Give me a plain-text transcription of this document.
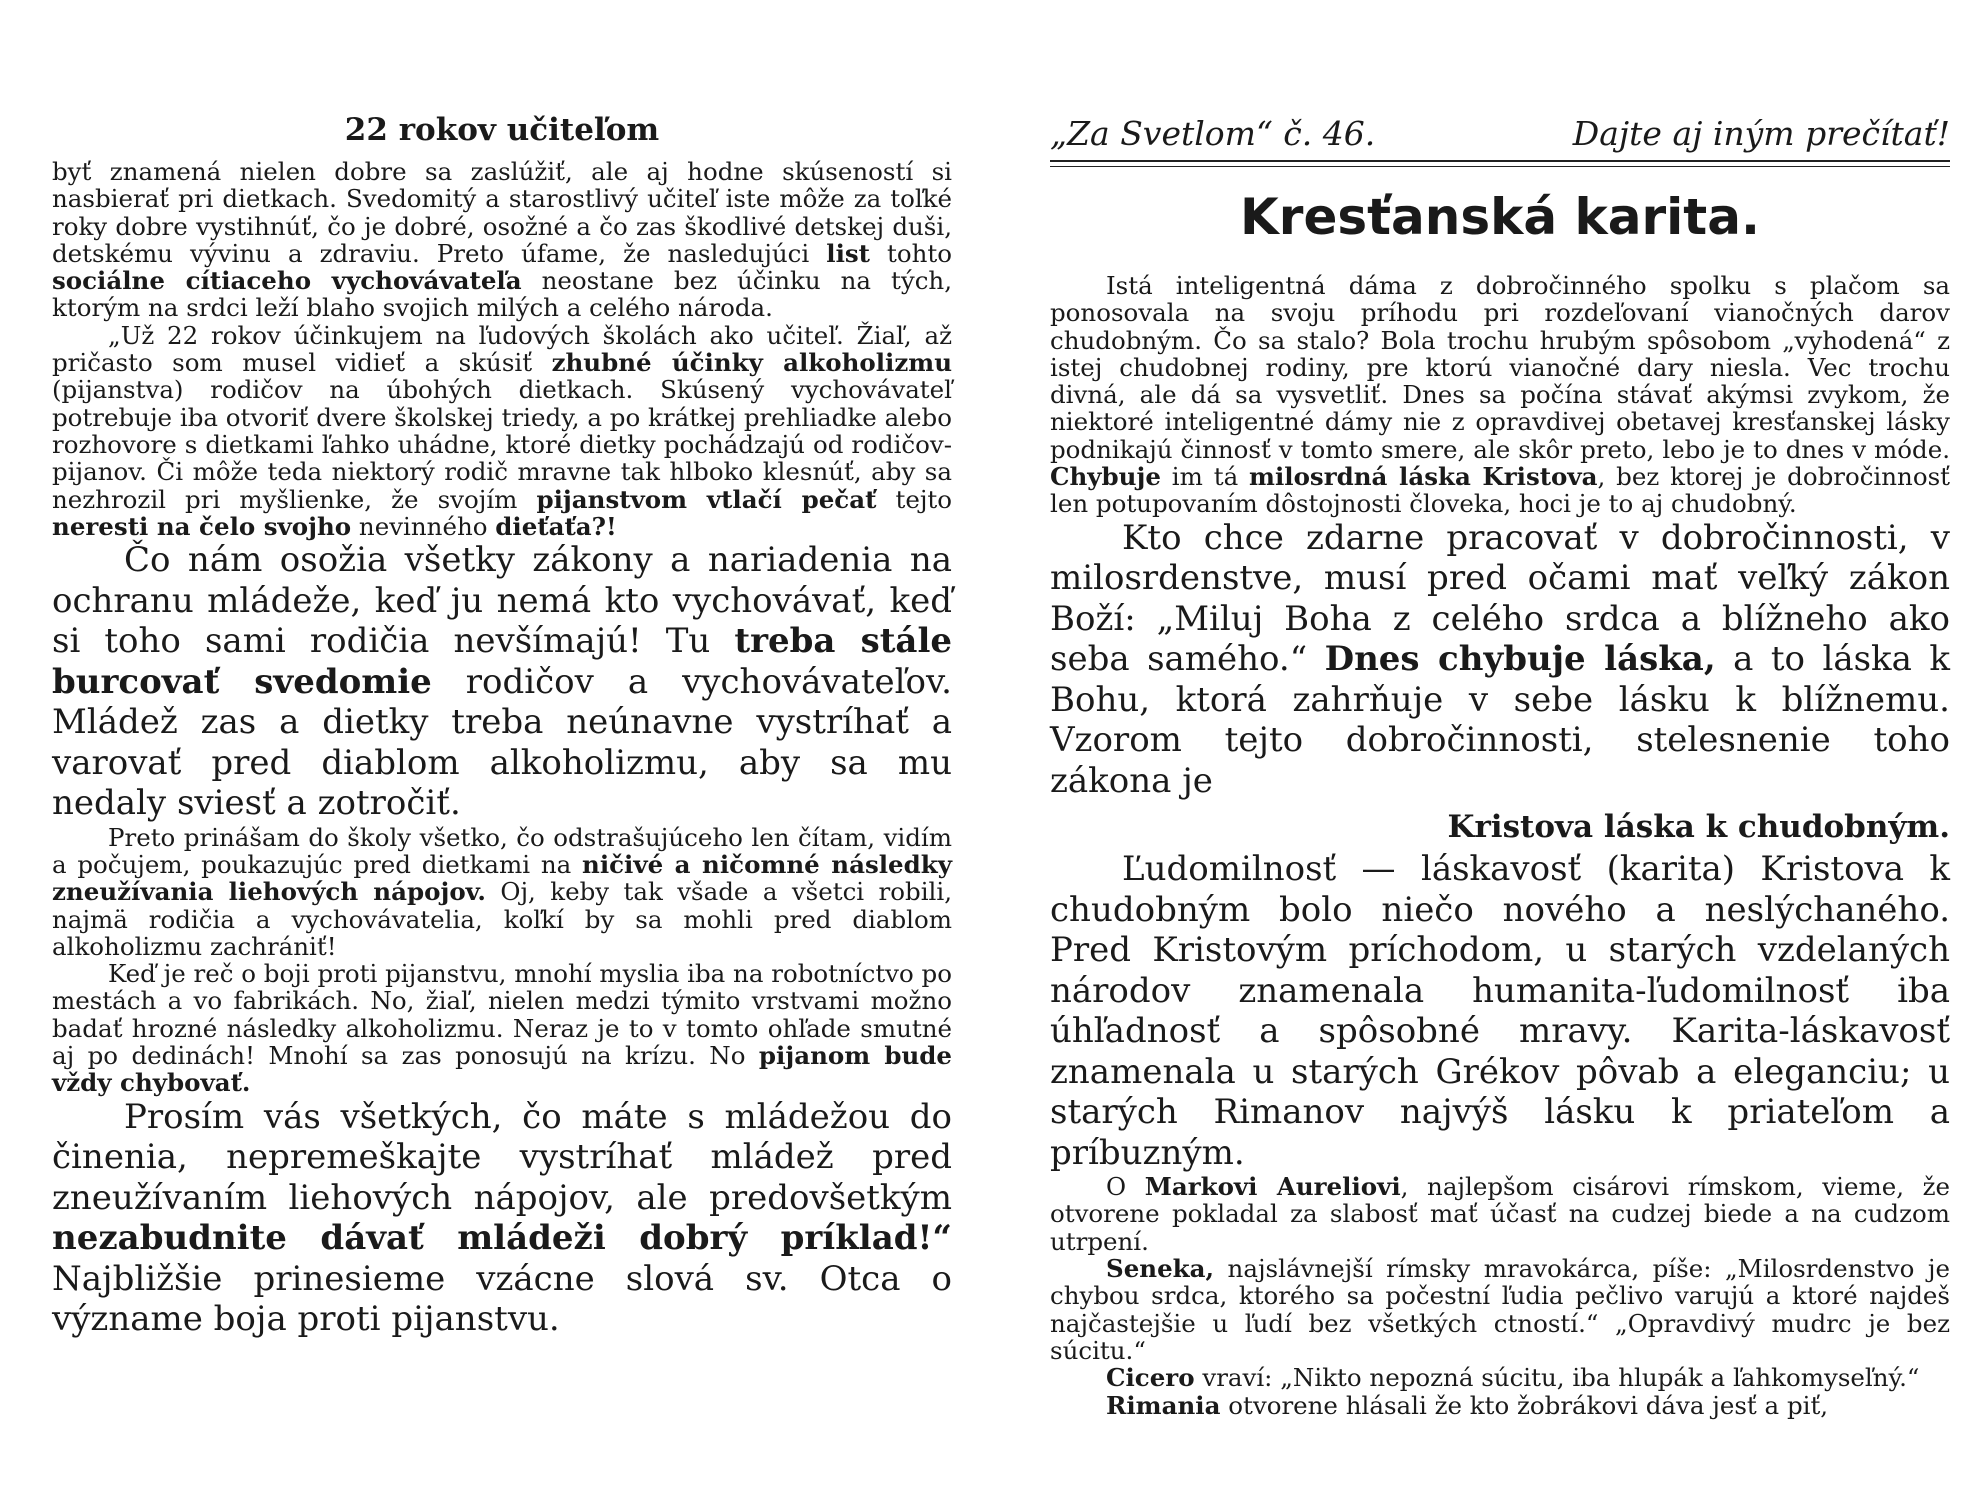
22 rokov učiteľom

byť znamená nielen dobre sa zaslúžiť, ale aj hodne skúseností si nasbierať pri dietkach. Svedomitý a starostlivý učiteľ iste môže za toľké roky dobre vystihnúť, čo je dobré, osožné a čo zas škodlivé detskej duši, detskému vývinu a zdraviu. Preto úfame, že nasledujúci list tohto sociálne cítiaceho vychovávateľa neostane bez účinku na tých, ktorým na srdci leží blaho svojich milých a celého národa.

„Už 22 rokov účinkujem na ľudových školách ako učiteľ. Žiaľ, až pričasto som musel vidieť a skúsiť zhubné účinky alkoholizmu (pijanstva) rodičov na úbohých dietkach. Skúsený vychovávateľ potrebuje iba otvoriť dvere školskej triedy, a po krátkej prehliadke alebo rozhovore s dietkami ľahko uhádne, ktoré dietky pochádzajú od rodičov-pijanov. Či môže teda niektorý rodič mravne tak hlboko klesnúť, aby sa nezhrozil pri myšlienke, že svojím pijanstvom vtlačí pečať tejto neresti na čelo svojho nevinného dieťaťa?!

Čo nám osožia všetky zákony a nariadenia na ochranu mládeže, keď ju nemá kto vychovávať, keď si toho sami rodičia nevšímajú! Tu treba stále burcovať svedomie rodičov a vychovávateľov. Mládež zas a dietky treba neúnavne vystríhať a varovať pred diablom alkoholizmu, aby sa mu nedaly sviesť a zotročiť.

Preto prinášam do školy všetko, čo odstrašujúceho len čítam, vidím a počujem, poukazujúc pred dietkami na ničivé a ničomné následky zneužívania liehových nápojov. Oj, keby tak všade a všetci robili, najmä rodičia a vychovávatelia, koľkí by sa mohli pred diablom alkoholizmu zachrániť!

Keď je reč o boji proti pijanstvu, mnohí myslia iba na robotníctvo po mestách a vo fabrikách. No, žiaľ, nielen medzi týmito vrstvami možno badať hrozné následky alkoholizmu. Neraz je to v tomto ohľade smutné aj po dedinách! Mnohí sa zas ponosujú na krízu. No pijanom bude vždy chybovať.

Prosím vás všetkých, čo máte s mládežou do činenia, nepremeškajte vystríhať mládež pred zneužívaním liehových nápojov, ale predovšetkým nezabudnite dávať mládeži dobrý príklad!“ Najbližšie prinesieme vzácne slová sv. Otca o význame boja proti pijanstvu.

„Za Svetlom“ č. 46.	Dajte aj iným prečítať!
Kresťanská karita.

Istá inteligentná dáma z dobročinného spolku s plačom sa ponosovala na svoju príhodu pri rozdeľovaní vianočných darov chudobným. Čo sa stalo? Bola trochu hrubým spôsobom „vyhodená“ z istej chudobnej rodiny, pre ktorú vianočné dary niesla. Vec trochu divná, ale dá sa vysvetliť. Dnes sa počína stávať akýmsi zvykom, že niektoré inteligentné dámy nie z opravdivej obetavej kresťanskej lásky podnikajú činnosť v tomto smere, ale skôr preto, lebo je to dnes v móde. Chybuje im tá milosrdná láska Kristova, bez ktorej je dobročinnosť len potupovaním dôstojnosti človeka, hoci je to aj chudobný.

Kto chce zdarne pracovať v dobročinnosti, v milosrdenstve, musí pred očami mať veľký zákon Boží: „Miluj Boha z celého srdca a blížneho ako seba samého.“ Dnes chybuje láska, a to láska k Bohu, ktorá zahrňuje v sebe lásku k blížnemu. Vzorom tejto dobročinnosti, stelesnenie toho zákona je

Kristova láska k chudobným.

Ľudomilnosť — láskavosť (karita) Kristova k chudobným bolo niečo nového a neslýchaného. Pred Kristovým príchodom, u starých vzdelaných národov znamenala humanita-ľudomilnosť iba úhľadnosť a spôsobné mravy. Karita-láskavosť znamenala u starých Grékov pôvab a eleganciu; u starých Rimanov najvýš lásku k priateľom a príbuzným.

O Markovi Aureliovi, najlepšom cisárovi rímskom, vieme, že otvorene pokladal za slabosť mať účasť na cudzej biede a na cudzom utrpení.

Seneka, najslávnejší rímsky mravokárca, píše: „Milosrdenstvo je chybou srdca, ktorého sa počestní ľudia pečlivo varujú a ktoré najdeš najčastejšie u ľudí bez všetkých ctností.“ „Opravdivý mudrc je bez súcitu.“

Cicero vraví: „Nikto nepozná súcitu, iba hlupák a ľahkomyseľný.“

Rimania otvorene hlásali že kto žobrákovi dáva jesť a piť,
